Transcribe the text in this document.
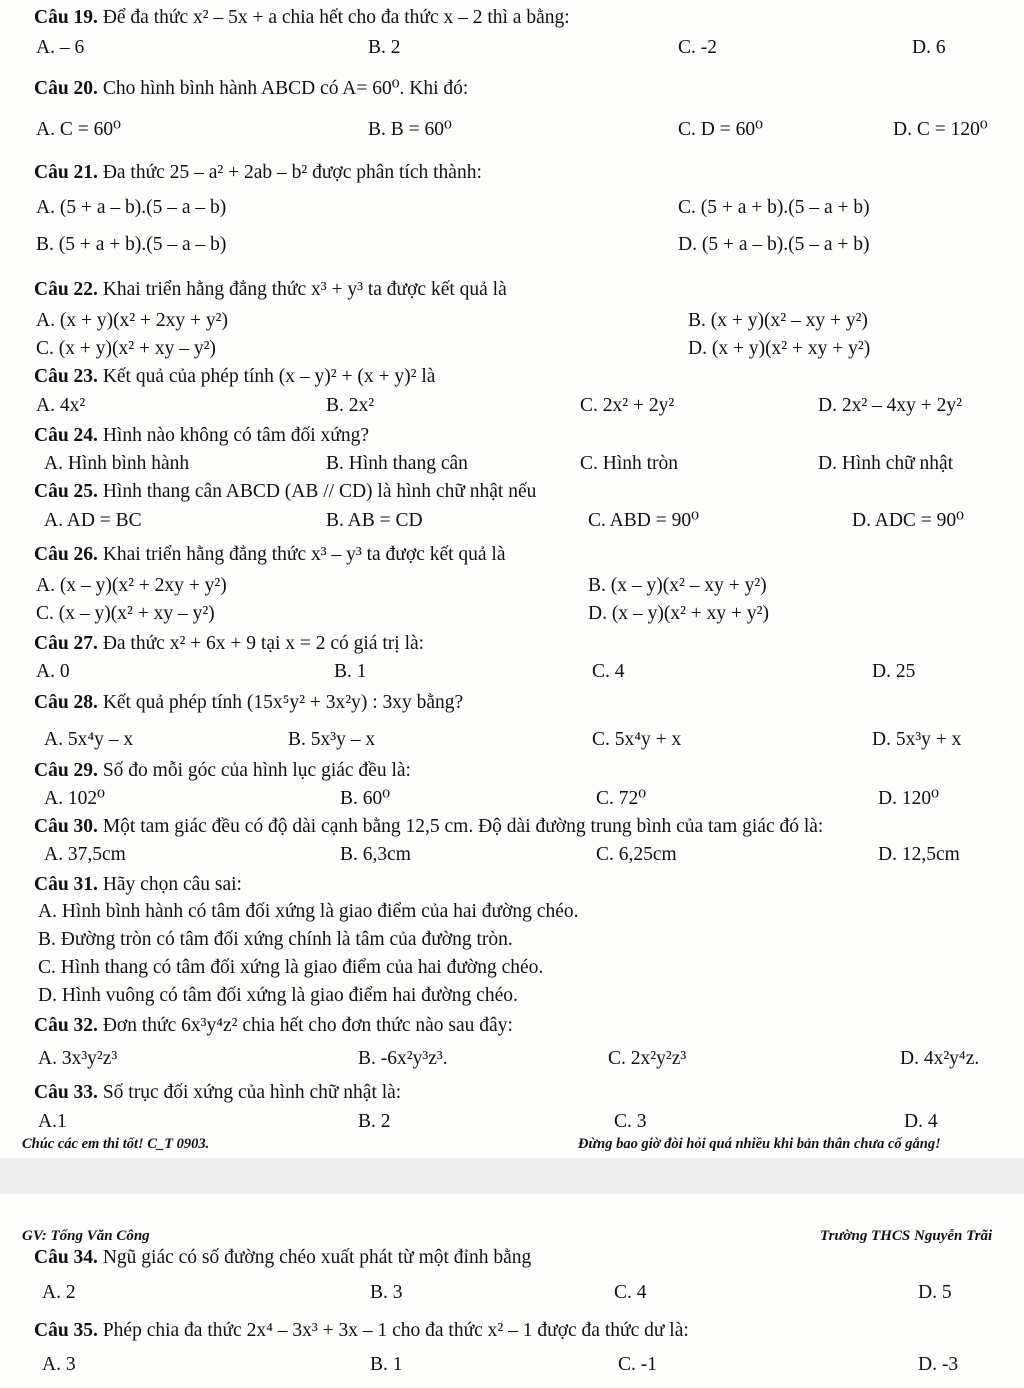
Câu 19. Để đa thức x² – 5x + a chia hết cho đa thức x – 2 thì a bằng:
A. – 6	B. 2	C. -2	D. 6
Câu 20. Cho hình bình hành ABCD có A= 60⁰. Khi đó:
A. C = 60⁰	B. B = 60⁰	C. D = 60⁰	D. C = 120⁰
Câu 21. Đa thức 25 – a² + 2ab – b² được phân tích thành:
A. (5 + a – b).(5 – a – b)	C. (5 + a + b).(5 – a + b)
B. (5 + a + b).(5 – a – b)	D. (5 + a – b).(5 – a + b)
Câu 22. Khai triển hằng đẳng thức x³ + y³ ta được kết quả là
A. (x + y)(x² + 2xy + y²)	B. (x + y)(x² – xy + y²)
C. (x + y)(x² + xy – y²)	D. (x + y)(x² + xy + y²)
Câu 23. Kết quả của phép tính (x – y)² + (x + y)² là
A. 4x²	B. 2x²	C. 2x² + 2y²	D. 2x² – 4xy + 2y²
Câu 24. Hình nào không có tâm đối xứng?
A. Hình bình hành	B. Hình thang cân	C. Hình tròn	D. Hình chữ nhật
Câu 25. Hình thang cân ABCD (AB // CD) là hình chữ nhật nếu
A. AD = BC	B. AB = CD	C. ABD = 90⁰	D. ADC = 90⁰
Câu 26. Khai triển hằng đẳng thức x³ – y³ ta được kết quả là
A. (x – y)(x² + 2xy + y²)	B. (x – y)(x² – xy + y²)
C. (x – y)(x² + xy – y²)	D. (x – y)(x² + xy + y²)
Câu 27. Đa thức x² + 6x + 9 tại x = 2 có giá trị là:
A. 0	B. 1	C. 4	D. 25
Câu 28. Kết quả phép tính (15x⁵y² + 3x²y) : 3xy bằng?
A. 5x⁴y – x	B. 5x³y – x	C. 5x⁴y + x	D. 5x³y + x
Câu 29. Số đo mỗi góc của hình lục giác đều là:
A. 102⁰	B. 60⁰	C. 72⁰	D. 120⁰
Câu 30. Một tam giác đều có độ dài cạnh bằng 12,5 cm. Độ dài đường trung bình của tam giác đó là:
A. 37,5cm	B. 6,3cm	C. 6,25cm	D. 12,5cm
Câu 31. Hãy chọn câu sai:
A. Hình bình hành có tâm đối xứng là giao điểm của hai đường chéo.
B. Đường tròn có tâm đối xứng chính là tâm của đường tròn.
C. Hình thang có tâm đối xứng là giao điểm của hai đường chéo.
D. Hình vuông có tâm đối xứng là giao điểm hai đường chéo.
Câu 32. Đơn thức 6x³y⁴z² chia hết cho đơn thức nào sau đây:
A. 3x³y²z³	B. -6x²y³z³.	C. 2x²y²z³	D. 4x²y⁴z.
Câu 33. Số trục đối xứng của hình chữ nhật là:
A.1	B. 2	C. 3	D. 4
Chúc các em thi tốt! C_T 0903.	Đừng bao giờ đòi hỏi quá nhiều khi bản thân chưa cố gắng!
GV: Tống Văn Công	Trường THCS Nguyễn Trãi
Câu 34. Ngũ giác có số đường chéo xuất phát từ một đỉnh bằng
A. 2	B. 3	C. 4	D. 5
Câu 35. Phép chia đa thức 2x⁴ – 3x³ + 3x – 1 cho đa thức x² – 1 được đa thức dư là:
A. 3	B. 1	C. -1	D. -3
